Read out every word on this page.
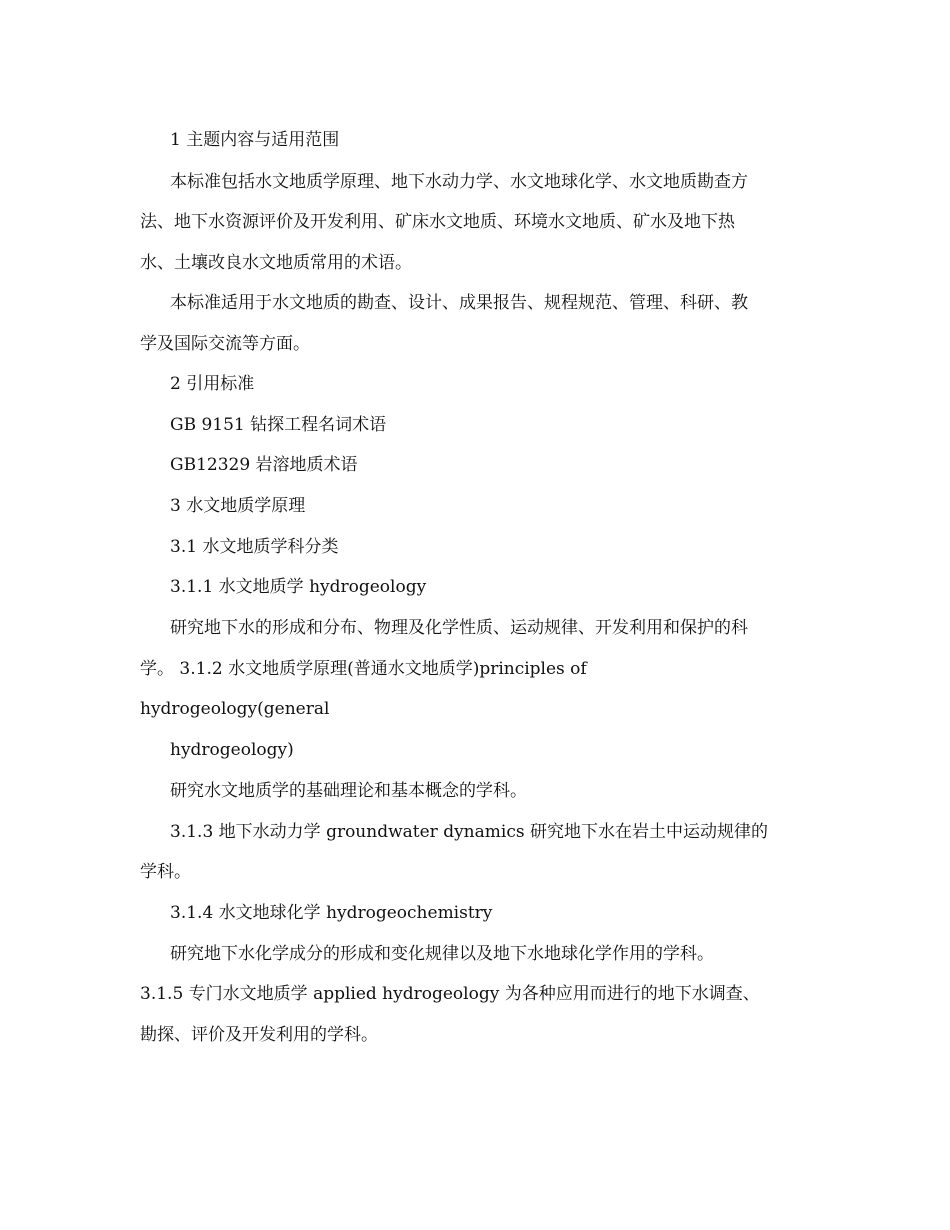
1 主题内容与适用范围
本标准包括水文地质学原理、地下水动力学、水文地球化学、水文地质勘查方
法、地下水资源评价及开发利用、矿床水文地质、环境水文地质、矿水及地下热
水、土壤改良水文地质常用的术语。
本标准适用于水文地质的勘查、设计、成果报告、规程规范、管理、科研、教
学及国际交流等方面。
2 引用标准
GB 9151 钻探工程名词术语
GB12329 岩溶地质术语
3 水文地质学原理
3.1 水文地质学科分类
3.1.1 水文地质学 hydrogeology
研究地下水的形成和分布、物理及化学性质、运动规律、开发利用和保护的科
学。 3.1.2 水文地质学原理(普通水文地质学)principles of
hydrogeology(general
hydrogeology)
研究水文地质学的基础理论和基本概念的学科。
3.1.3 地下水动力学 groundwater dynamics 研究地下水在岩土中运动规律的
学科。
3.1.4 水文地球化学 hydrogeochemistry
研究地下水化学成分的形成和变化规律以及地下水地球化学作用的学科。
3.1.5 专门水文地质学 applied hydrogeology 为各种应用而进行的地下水调查、
勘探、评价及开发利用的学科。
